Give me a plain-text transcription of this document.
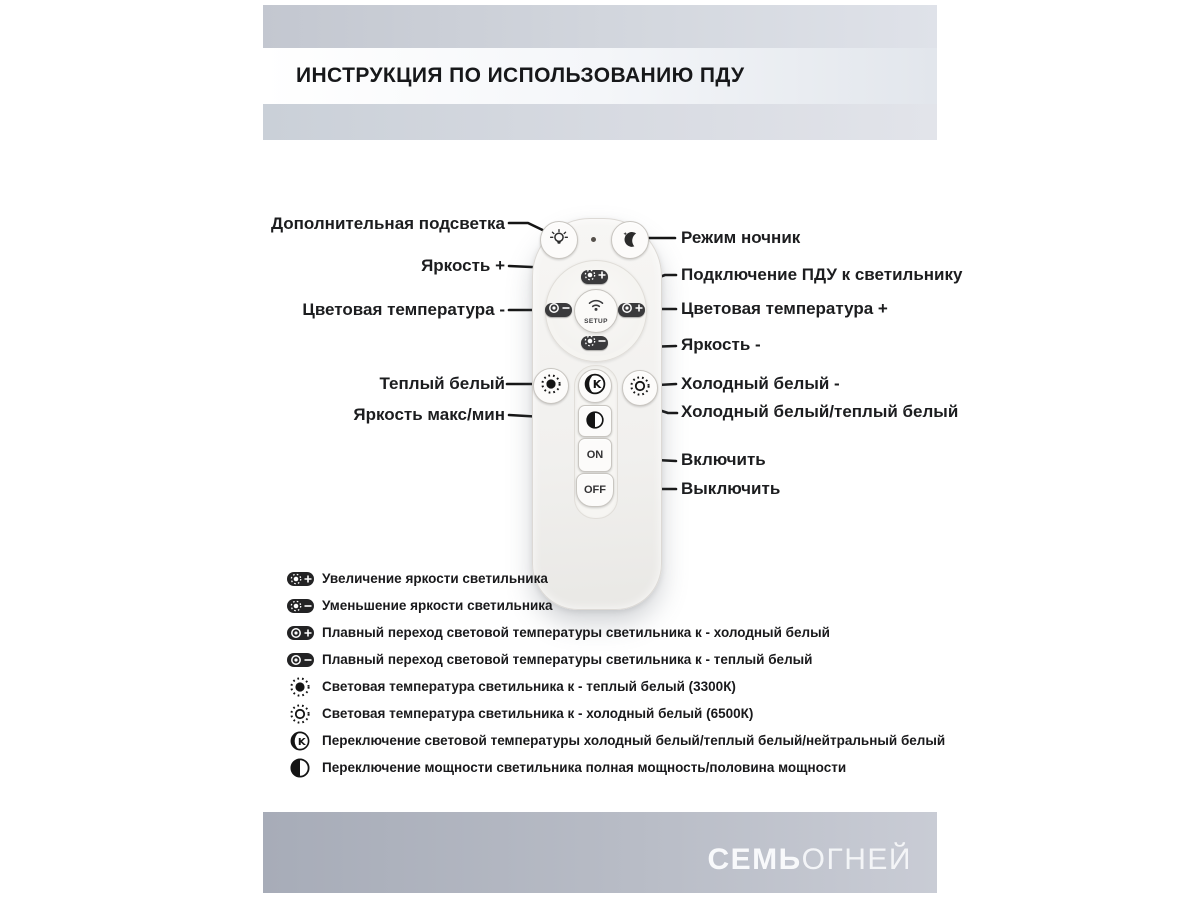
ИНСТРУКЦИЯ ПО ИСПОЛЬЗОВАНИЮ ПДУ
SETUP
K
ON
OFF
Дополнительная подсветка
Яркость +
Цветовая температура -
Теплый белый
Яркость макс/мин
Режим ночник
Подключение ПДУ к светильнику
Цветовая температура +
Яркость -
Холодный белый -
Холодный белый/теплый белый
Включить
Выключить
Увеличение яркости светильника
Уменьшение яркости светильника
Плавный переход световой температуры светильника к - холодный белый
Плавный переход световой температуры светильника к - теплый белый
Световая температура светильника к - теплый белый (3300К)
Световая температура светильника к - холодный белый (6500К)
K Переключение световой температуры холодный белый/теплый белый/нейтральный белый
Переключение мощности светильника полная мощность/половина мощности
СЕМЬОГНЕЙ
